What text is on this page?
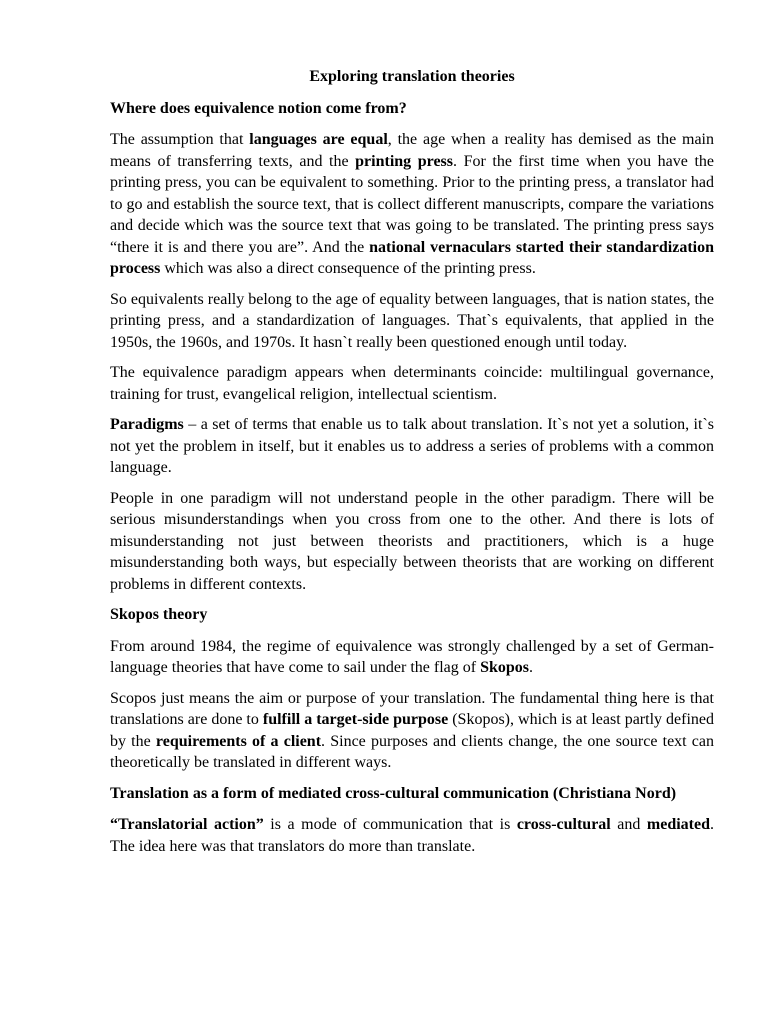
Exploring translation theories
Where does equivalence notion come from?

The assumption that languages are equal, the age when a reality has demised as the main means of transferring texts, and the printing press. For the first time when you have the printing press, you can be equivalent to something. Prior to the printing press, a translator had to go and establish the source text, that is collect different manuscripts, compare the variations and decide which was the source text that was going to be translated. The printing press says “there it is and there you are”. And the national vernaculars started their standardization process which was also a direct consequence of the printing press.

So equivalents really belong to the age of equality between languages, that is nation states, the printing press, and a standardization of languages. That`s equivalents, that applied in the 1950s, the 1960s, and 1970s. It hasn`t really been questioned enough until today.

The equivalence paradigm appears when determinants coincide: multilingual governance, training for trust, evangelical religion, intellectual scientism.

Paradigms – a set of terms that enable us to talk about translation. It`s not yet a solution, it`s not yet the problem in itself, but it enables us to address a series of problems with a common language.

People in one paradigm will not understand people in the other paradigm. There will be serious misunderstandings when you cross from one to the other. And there is lots of misunderstanding not just between theorists and practitioners, which is a huge misunderstanding both ways, but especially between theorists that are working on different problems in different contexts.

Skopos theory

From around 1984, the regime of equivalence was strongly challenged by a set of German-language theories that have come to sail under the flag of Skopos.

Scopos just means the aim or purpose of your translation. The fundamental thing here is that translations are done to fulfill a target-side purpose (Skopos), which is at least partly defined by the requirements of a client. Since purposes and clients change, the one source text can theoretically be translated in different ways.

Translation as a form of mediated cross-cultural communication (Christiana Nord)

“Translatorial action” is a mode of communication that is cross-cultural and mediated. The idea here was that translators do more than translate.
